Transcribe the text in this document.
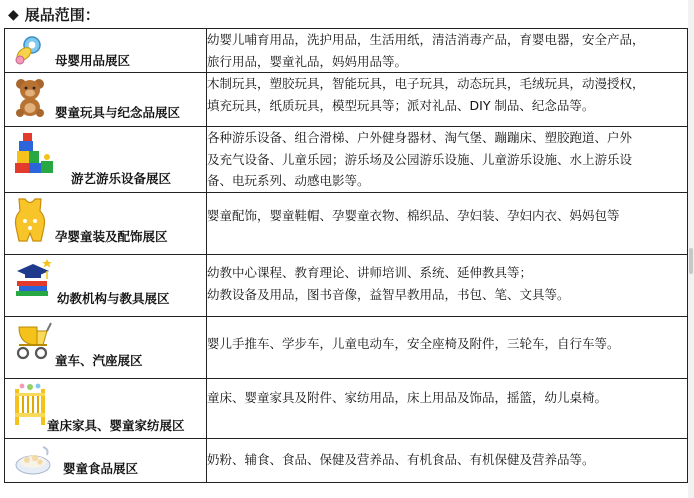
◆ 展品范围：
母婴用品展区	幼婴儿哺育用品，洗护用品，生活用纸，清洁消毒产品，育婴电器，安全产品，
旅行用品，婴童礼品，妈妈用品等。

婴童玩具与纪念品展区	木制玩具，塑胶玩具，智能玩具，电子玩具，动态玩具，毛绒玩具，动漫授权，
填充玩具，纸质玩具，模型玩具等；派对礼品、DIY 制品、纪念品等。

游艺游乐设备展区	各种游乐设备、组合滑梯、户外健身器材、淘气堡、蹦蹦床、塑胶跑道、户外
及充气设备、儿童乐园；游乐场及公园游乐设施、儿童游乐设施、水上游乐设
备、电玩系列、动感电影等。

孕婴童装及配饰展区	婴童配饰，婴童鞋帽、孕婴童衣物、棉织品、孕妇装、孕妇内衣、妈妈包等

幼教机构与教具展区	幼教中心课程、教育理论、讲师培训、系统、延伸教具等；
幼教设备及用品，图书音像，益智早教用品，书包、笔、文具等。

童车、汽座展区	婴儿手推车、学步车，儿童电动车，安全座椅及附件，三轮车，自行车等。

童床家具、婴童家纺展区	童床、婴童家具及附件、家纺用品，床上用品及饰品，摇篮，幼儿桌椅。

婴童食品展区	奶粉、辅食、食品、保健及营养品、有机食品、有机保健及营养品等。
